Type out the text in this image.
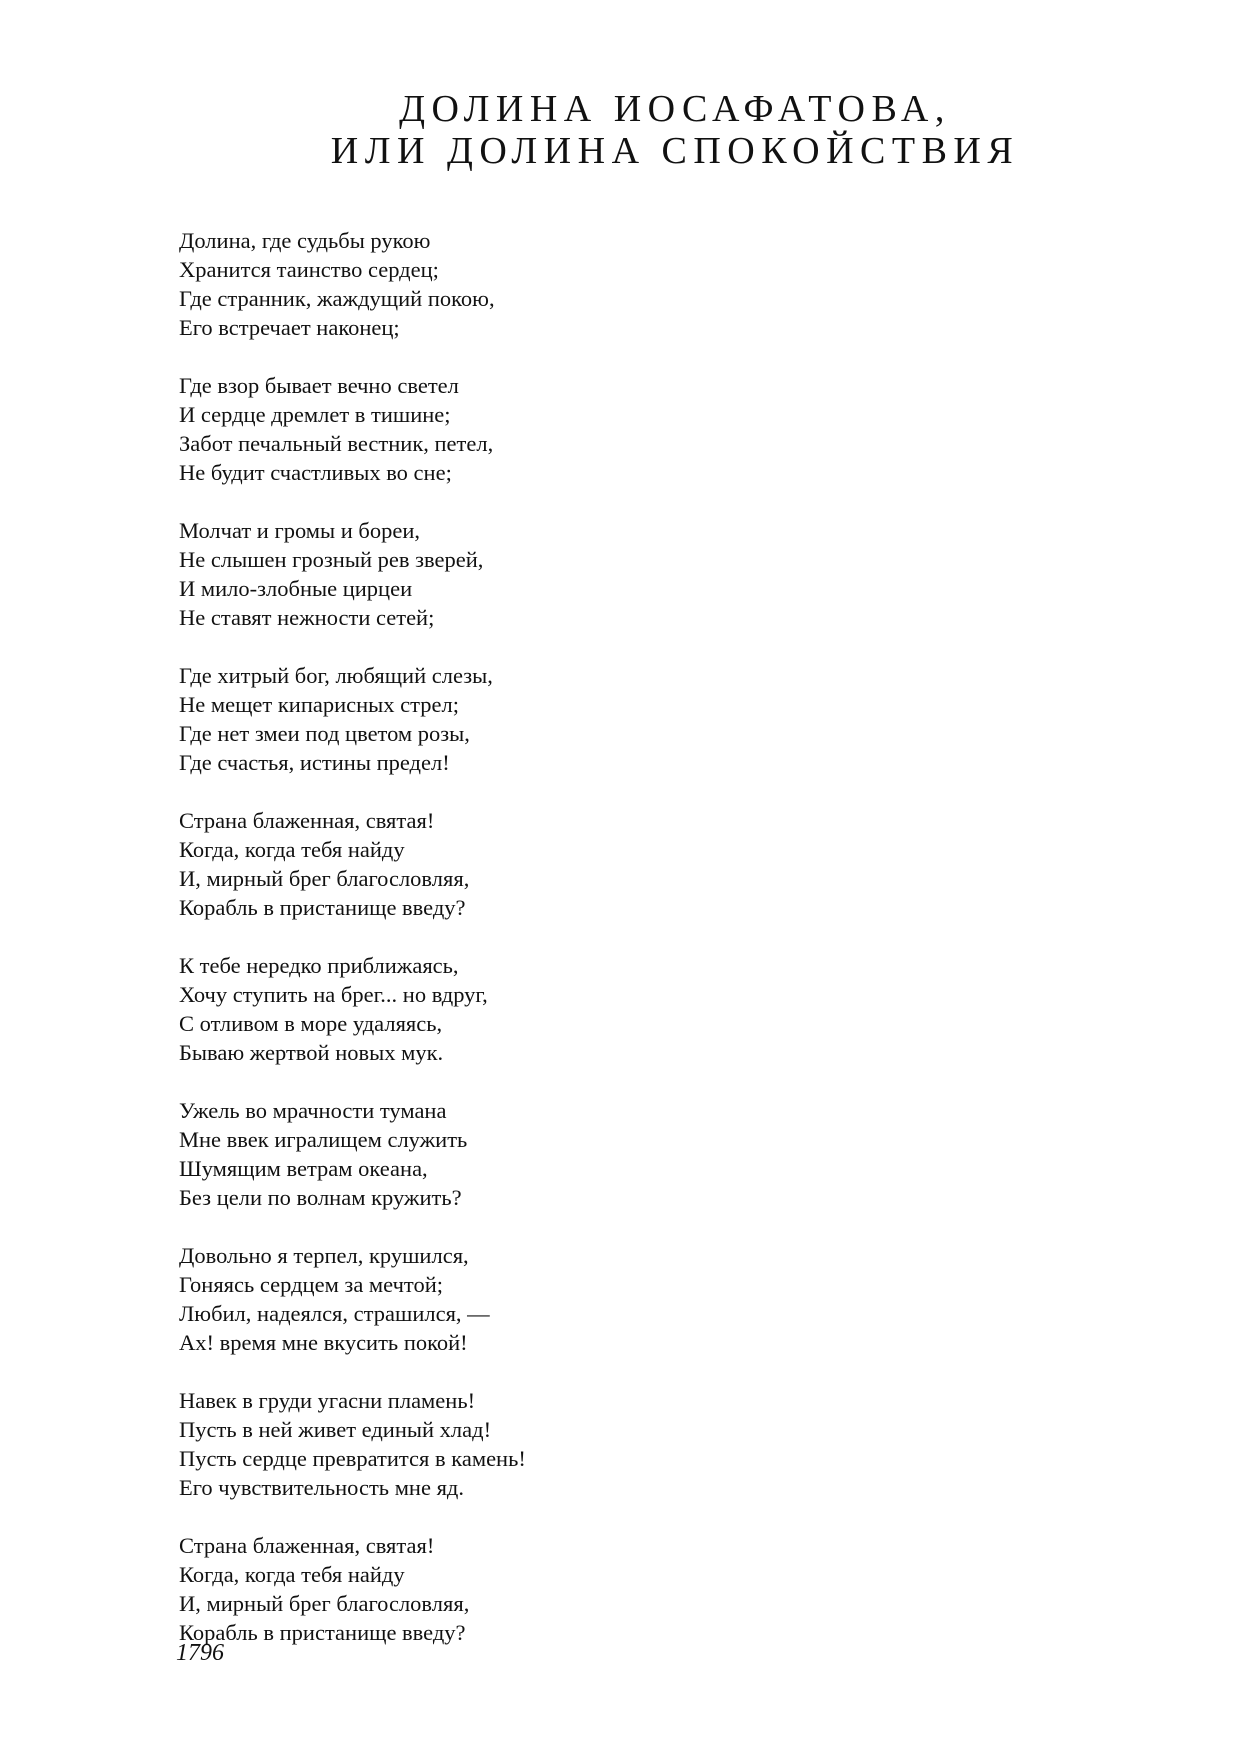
ДОЛИНА ИОСАФАТОВА,
ИЛИ ДОЛИНА СПОКОЙСТВИЯ
Долина, где судьбы рукою
Хранится таинство сердец;
Где странник, жаждущий покою,
Его встречает наконец;
Где взор бывает вечно светел
И сердце дремлет в тишине;
Забот печальный вестник, петел,
Не будит счастливых во сне;
Молчат и громы и бореи,
Не слышен грозный рев зверей,
И мило-злобные цирцеи
Не ставят нежности сетей;
Где хитрый бог, любящий слезы,
Не мещет кипарисных стрел;
Где нет змеи под цветом розы,
Где счастья, истины предел!
Страна блаженная, святая!
Когда, когда тебя найду
И, мирный брег благословляя,
Корабль в пристанище введу?
К тебе нередко приближаясь,
Хочу ступить на брег... но вдруг,
С отливом в море удаляясь,
Бываю жертвой новых мук.
Ужель во мрачности тумана
Мне ввек игралищем служить
Шумящим ветрам океана,
Без цели по волнам кружить?
Довольно я терпел, крушился,
Гоняясь сердцем за мечтой;
Любил, надеялся, страшился, —
Ах! время мне вкусить покой!
Навек в груди угасни пламень!
Пусть в ней живет единый хлад!
Пусть сердце превратится в камень!
Его чувствительность мне яд.
Страна блаженная, святая!
Когда, когда тебя найду
И, мирный брег благословляя,
Корабль в пристанище введу?
1796
